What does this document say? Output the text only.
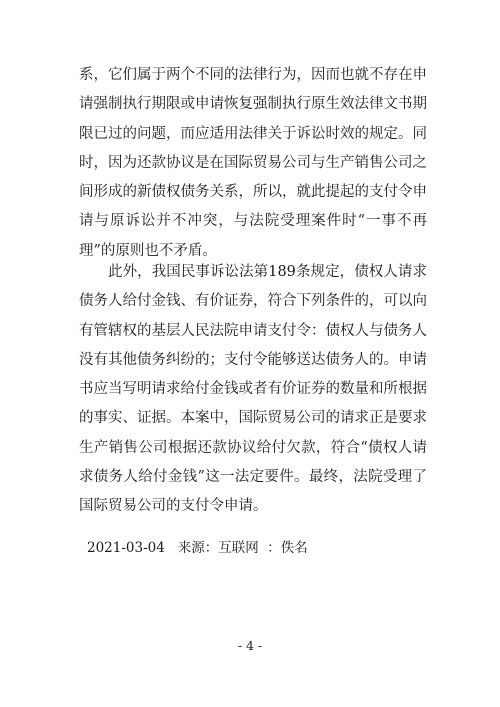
系，它们属于两个不同的法律行为，因而也就不存在申请强制执行期限或申请恢复强制执行原生效法律文书期限已过的问题，而应适用法律关于诉讼时效的规定。同时，因为还款协议是在国际贸易公司与生产销售公司之间形成的新债权债务关系，所以，就此提起的支付令申请与原诉讼并不冲突，与法院受理案件时“一事不再理”的原则也不矛盾。

此外，我国民事诉讼法第189条规定，债权人请求债务人给付金钱、有价证券，符合下列条件的，可以向有管辖权的基层人民法院申请支付令：债权人与债务人没有其他债务纠纷的；支付令能够送达债务人的。申请书应当写明请求给付金钱或者有价证券的数量和所根据的事实、证据。本案中，国际贸易公司的请求正是要求生产销售公司根据还款协议给付欠款，符合“债权人请求债务人给付金钱”这一法定要件。最终，法院受理了国际贸易公司的支付令申请。

2021-03-04   来源：互联网  ：佚名

- 4 -
